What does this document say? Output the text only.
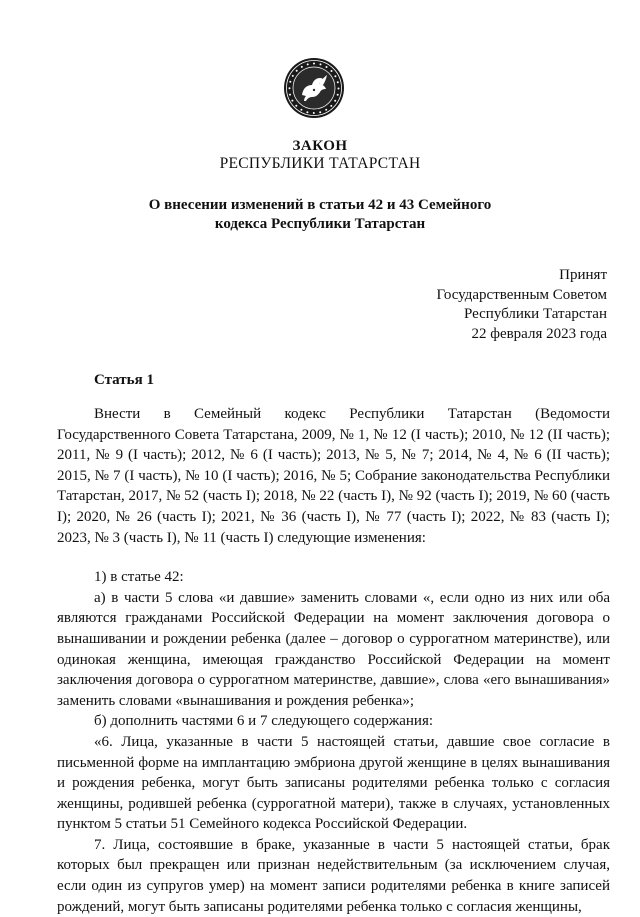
ЗАКОН
РЕСПУБЛИКИ ТАТАРСТАН
О внесении изменений в статьи 42 и 43 Семейного
кодекса Республики Татарстан
Принят
Государственным Советом
Республики Татарстан
22 февраля 2023 года
Статья 1

Внести в Семейный кодекс Республики Татарстан (Ведомости Государственного Совета Татарстана, 2009, № 1, № 12 (I часть); 2010, № 12 (II часть); 2011, № 9 (I часть); 2012, № 6 (I часть); 2013, № 5, № 7; 2014, № 4, № 6 (II часть); 2015, № 7 (I часть), № 10 (I часть); 2016, № 5; Собрание законодательства Республики Татарстан, 2017, № 52 (часть I); 2018, № 22 (часть I), № 92 (часть I); 2019, № 60 (часть I); 2020, № 26 (часть I); 2021, № 36 (часть I), № 77 (часть I); 2022, № 83 (часть I); 2023, № 3 (часть I), № 11 (часть I) следующие изменения:

1) в статье 42:

а) в части 5 слова «и давшие» заменить словами «, если одно из них или оба являются гражданами Российской Федерации на момент заключения договора о вынашивании и рождении ребенка (далее – договор о суррогатном материнстве), или одинокая женщина, имеющая гражданство Российской Федерации на момент заключения договора о суррогатном материнстве, давшие», слова «его вынашивания» заменить словами «вынашивания и рождения ребенка»;

б) дополнить частями 6 и 7 следующего содержания:

«6. Лица, указанные в части 5 настоящей статьи, давшие свое согласие в письменной форме на имплантацию эмбриона другой женщине в целях вынашивания и рождения ребенка, могут быть записаны родителями ребенка только с согласия женщины, родившей ребенка (суррогатной матери), также в случаях, установленных пунктом 5 статьи 51 Семейного кодекса Российской Федерации.

7. Лица, состоявшие в браке, указанные в части 5 настоящей статьи, брак которых был прекращен или признан недействительным (за исключением случая, если один из супругов умер) на момент записи родителями ребенка в книге записей рождений, могут быть записаны родителями ребенка только с согласия женщины,
